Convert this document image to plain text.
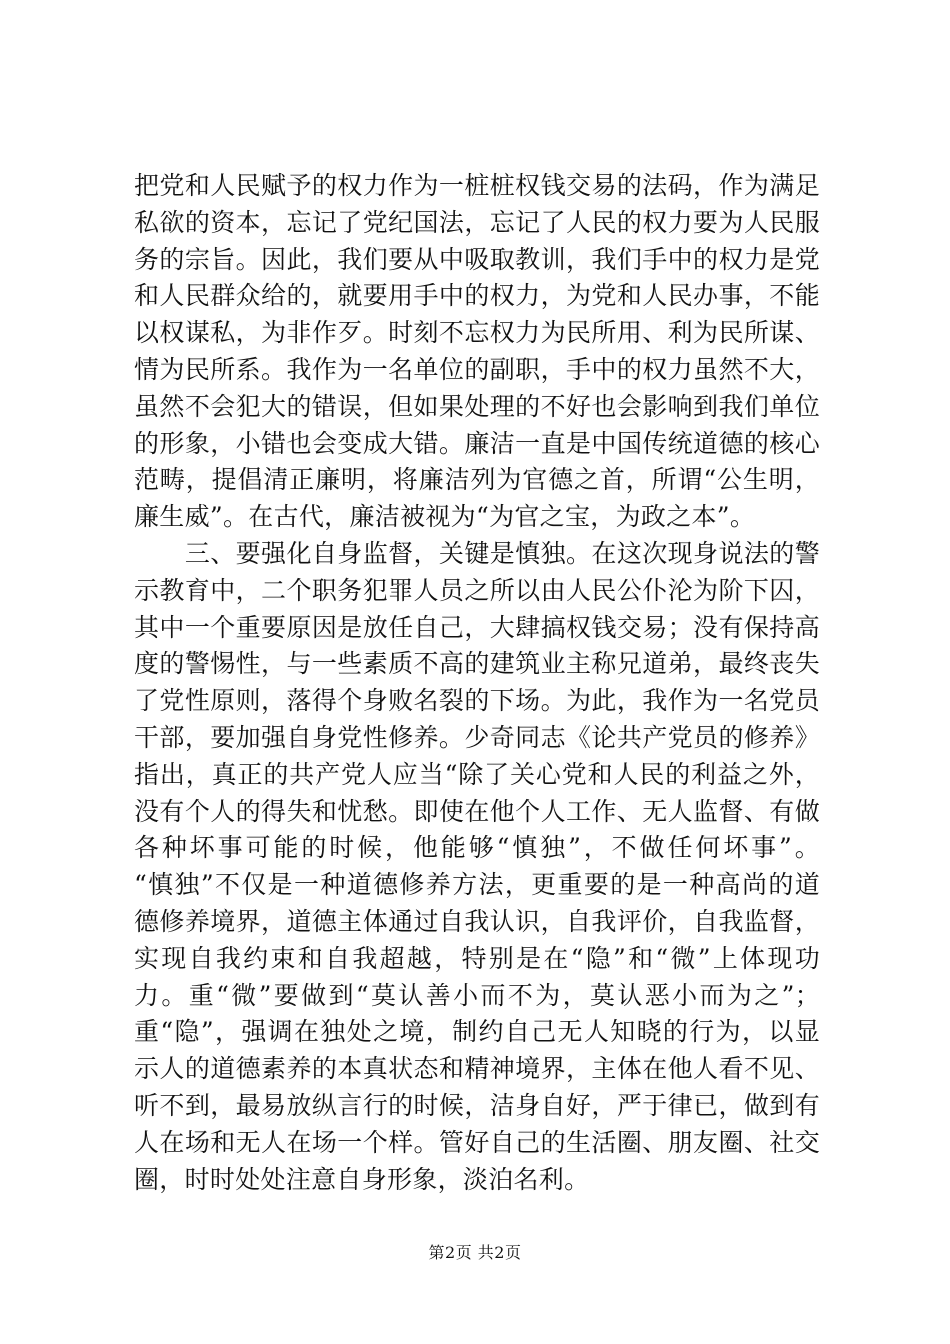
把党和人民赋予的权力作为一桩桩权钱交易的法码，作为满足
私欲的资本，忘记了党纪国法，忘记了人民的权力要为人民服
务的宗旨。因此，我们要从中吸取教训，我们手中的权力是党
和人民群众给的，就要用手中的权力，为党和人民办事，不能
以权谋私，为非作歹。时刻不忘权力为民所用、利为民所谋、
情为民所系。我作为一名单位的副职，手中的权力虽然不大，
虽然不会犯大的错误，但如果处理的不好也会影响到我们单位
的形象，小错也会变成大错。廉洁一直是中国传统道德的核心
范畴，提倡清正廉明，将廉洁列为官德之首，所谓“公生明，
廉生威”。在古代，廉洁被视为“为官之宝，为政之本”。
　　三、要强化自身监督，关键是慎独。在这次现身说法的警
示教育中，二个职务犯罪人员之所以由人民公仆沦为阶下囚，
其中一个重要原因是放任自己，大肆搞权钱交易；没有保持高
度的警惕性，与一些素质不高的建筑业主称兄道弟，最终丧失
了党性原则，落得个身败名裂的下场。为此，我作为一名党员
干部，要加强自身党性修养。少奇同志《论共产党员的修养》
指出，真正的共产党人应当“除了关心党和人民的利益之外，
没有个人的得失和忧愁。即使在他个人工作、无人监督、有做
各种坏事可能的时候，他能够“慎独”，不做任何坏事”。
“慎独”不仅是一种道德修养方法，更重要的是一种高尚的道
德修养境界，道德主体通过自我认识，自我评价，自我监督，
实现自我约束和自我超越，特别是在“隐”和“微”上体现功
力。重“微”要做到“莫认善小而不为，莫认恶小而为之”；
重“隐”，强调在独处之境，制约自己无人知晓的行为，以显
示人的道德素养的本真状态和精神境界，主体在他人看不见、
听不到，最易放纵言行的时候，洁身自好，严于律已，做到有
人在场和无人在场一个样。管好自己的生活圈、朋友圈、社交
圈，时时处处注意自身形象，淡泊名利。
第2页 共2页
